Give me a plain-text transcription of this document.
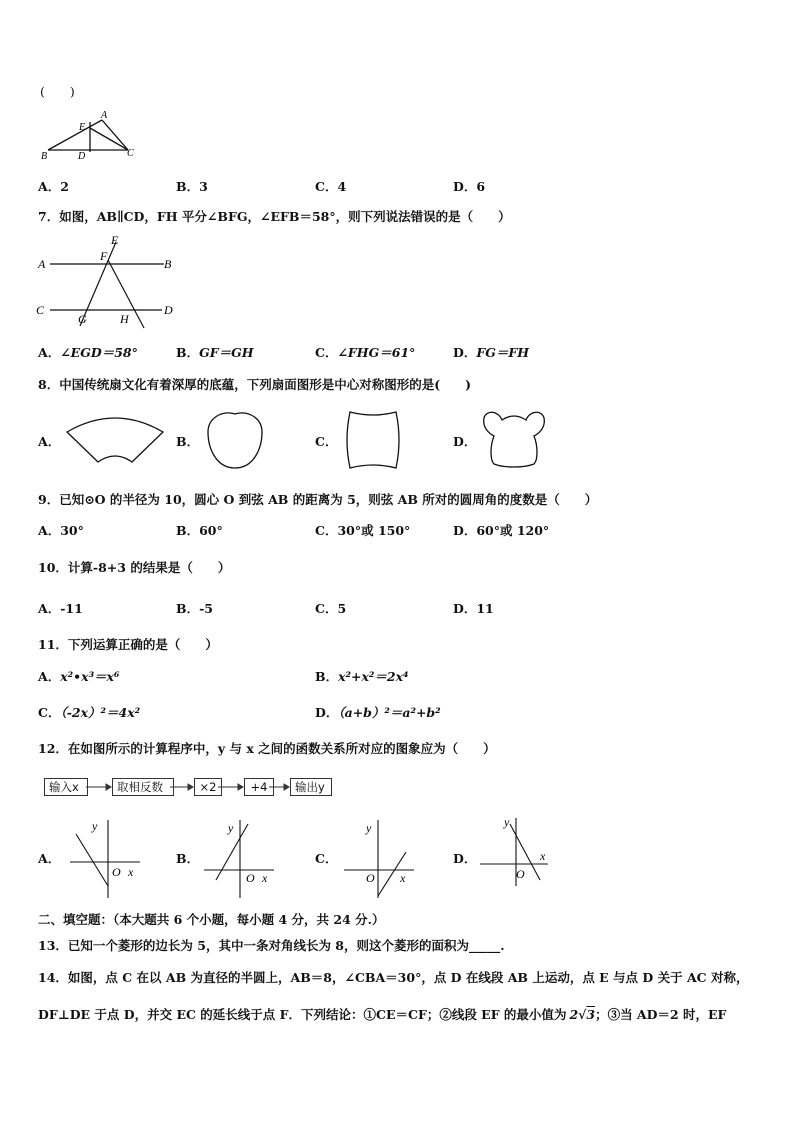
(　　)
A
E
B	D	C
A．2	B．3	C．4	D．6
7．如图，AB∥CD，FH 平分∠BFG，∠EFB＝58°，则下列说法错误的是（　　）
E
F
A	B
C	D
G	H
A．∠EGD＝58°	B．GF＝GH	C．∠FHG＝61°	D．FG＝FH
8．中国传统扇文化有着深厚的底蕴，下列扇面图形是中心对称图形的是(　　)
A．	B．	C．	D．
9．已知⊙O 的半径为 10，圆心 O 到弦 AB 的距离为 5，则弦 AB 所对的圆周角的度数是（　　）
A．30°	B．60°	C．30°或 150°	D．60°或 120°
10．计算-8+3 的结果是（　　）
A．-11	B．-5	C．5	D．11
11．下列运算正确的是（　　）
A．x²•x³＝x⁶	B．x²+x²＝2x⁴
C．（-2x）²＝4x²	D．（a+b）²＝a²+b²
12．在如图所示的计算程序中，y 与 x 之间的函数关系所对应的图象应为（　　）
输入x	取相反数	×2	+4	输出y
A．
y
O x
B．
y
O x
C．
y
O x
D．
y
O
x
二、填空题：（本大题共 6 个小题，每小题 4 分，共 24 分.）
13．已知一个菱形的边长为 5，其中一条对角线长为 8，则这个菱形的面积为_____.
14．如图，点 C 在以 AB 为直径的半圆上，AB＝8，∠CBA＝30°，点 D 在线段 AB 上运动，点 E 与点 D 关于 AC 对称，
DF⊥DE 于点 D，并交 EC 的延长线于点 F．下列结论：①CE＝CF；②线段 EF 的最小值为 2√3；③当 AD＝2 时，EF
